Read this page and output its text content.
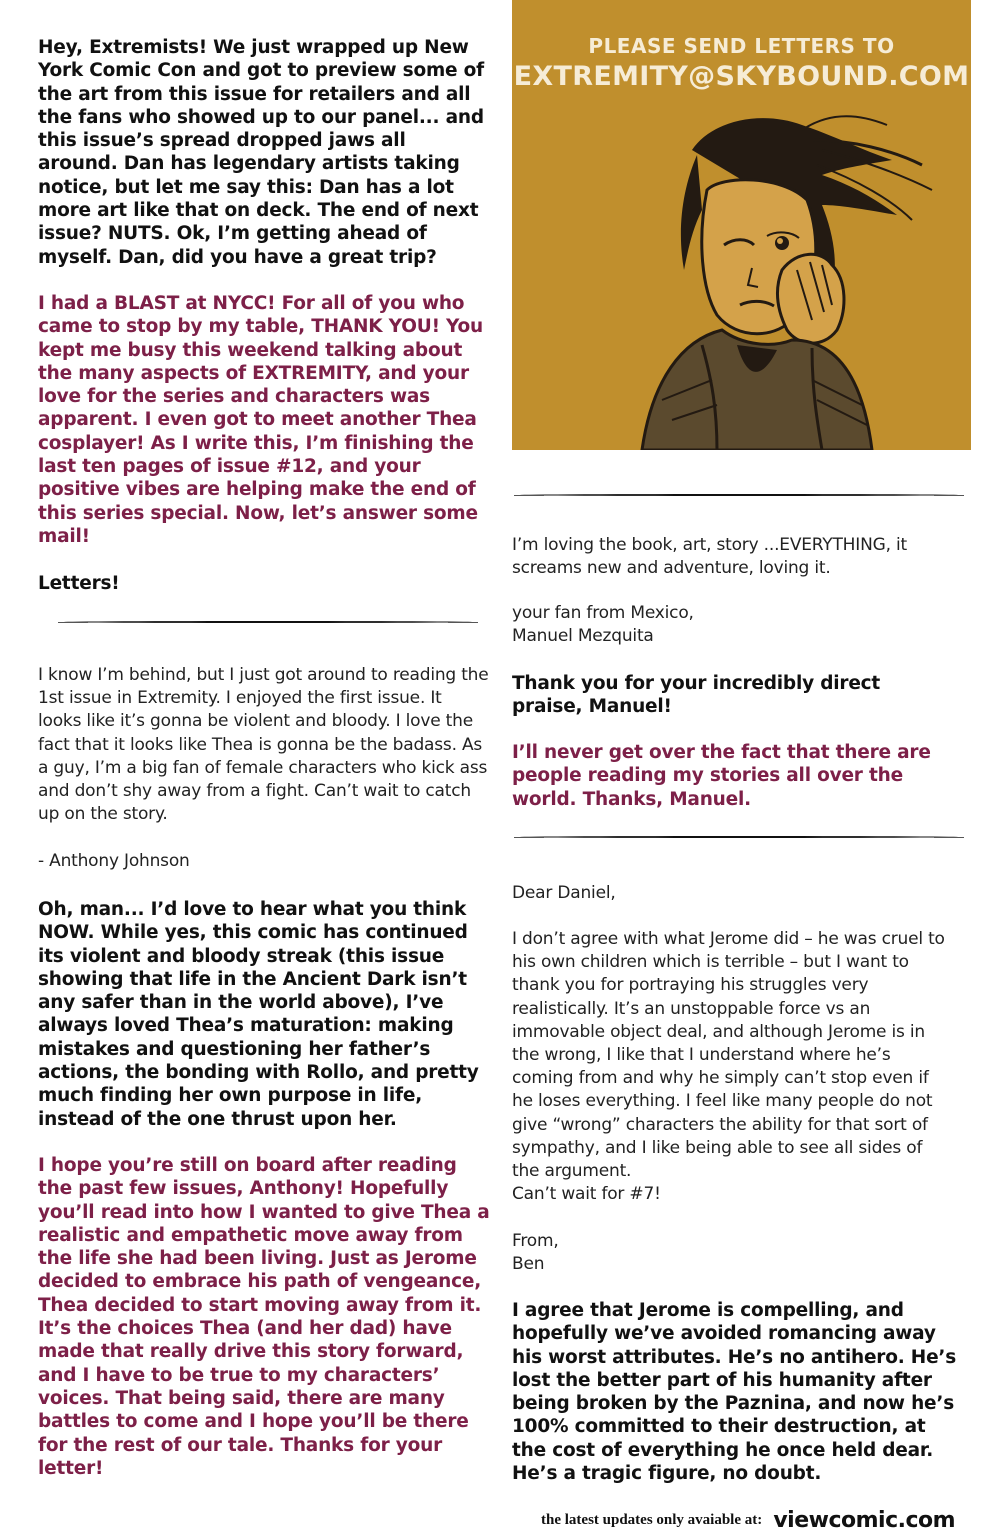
Hey, Extremists! We just wrapped up New York Comic Con and got to preview some of the art from this issue for retailers and all the fans who showed up to our panel... and this issue’s spread dropped jaws all around. Dan has legendary artists taking notice, but let me say this: Dan has a lot more art like that on deck. The end of next issue? NUTS. Ok, I’m getting ahead of myself. Dan, did you have a great trip?

I had a BLAST at NYCC! For all of you who came to stop by my table, THANK YOU! You kept me busy this weekend talking about the many aspects of EXTREMITY, and your love for the series and characters was apparent. I even got to meet another Thea cosplayer! As I write this, I’m finishing the last ten pages of issue #12, and your positive vibes are helping make the end of this series special. Now, let’s answer some mail!

Letters!

I know I’m behind, but I just got around to reading the 1st issue in Extremity. I enjoyed the first issue. It looks like it’s gonna be violent and bloody. I love the fact that it looks like Thea is gonna be the badass. As a guy, I’m a big fan of female characters who kick ass and don’t shy away from a fight. Can’t wait to catch up on the story.

- Anthony Johnson

Oh, man... I’d love to hear what you think NOW. While yes, this comic has continued its violent and bloody streak (this issue showing that life in the Ancient Dark isn’t any safer than in the world above), I’ve always loved Thea’s maturation: making mistakes and questioning her father’s actions, the bonding with Rollo, and pretty much finding her own purpose in life, instead of the one thrust upon her.

I hope you’re still on board after reading the past few issues, Anthony! Hopefully you’ll read into how I wanted to give Thea a realistic and empathetic move away from the life she had been living. Just as Jerome decided to embrace his path of vengeance, Thea decided to start moving away from it. It’s the choices Thea (and her dad) have made that really drive this story forward, and I have to be true to my characters’ voices. That being said, there are many battles to come and I hope you’ll be there for the rest of our tale. Thanks for your letter!

PLEASE SEND LETTERS TO
EXTREMITY@SKYBOUND.COM

I’m loving the book, art, story ...EVERYTHING, it screams new and adventure, loving it.

your fan from Mexico,

Manuel Mezquita

Thank you for your incredibly direct praise, Manuel!

I’ll never get over the fact that there are people reading my stories all over the world. Thanks, Manuel.

Dear Daniel,

I don’t agree with what Jerome did – he was cruel to his own children which is terrible – but I want to thank you for portraying his struggles very realistically. It’s an unstoppable force vs an immovable object deal, and although Jerome is in the wrong, I like that I understand where he’s coming from and why he simply can’t stop even if he loses everything. I feel like many people do not give “wrong” characters the ability for that sort of sympathy, and I like being able to see all sides of the argument.

Can’t wait for #7!

From,

Ben

I agree that Jerome is compelling, and hopefully we’ve avoided romancing away his worst attributes. He’s no antihero. He’s lost the better part of his humanity after being broken by the Paznina, and now he’s 100% committed to their destruction, at the cost of everything he once held dear. He’s a tragic figure, no doubt.

the latest updates only avaiable at: viewcomic.com
